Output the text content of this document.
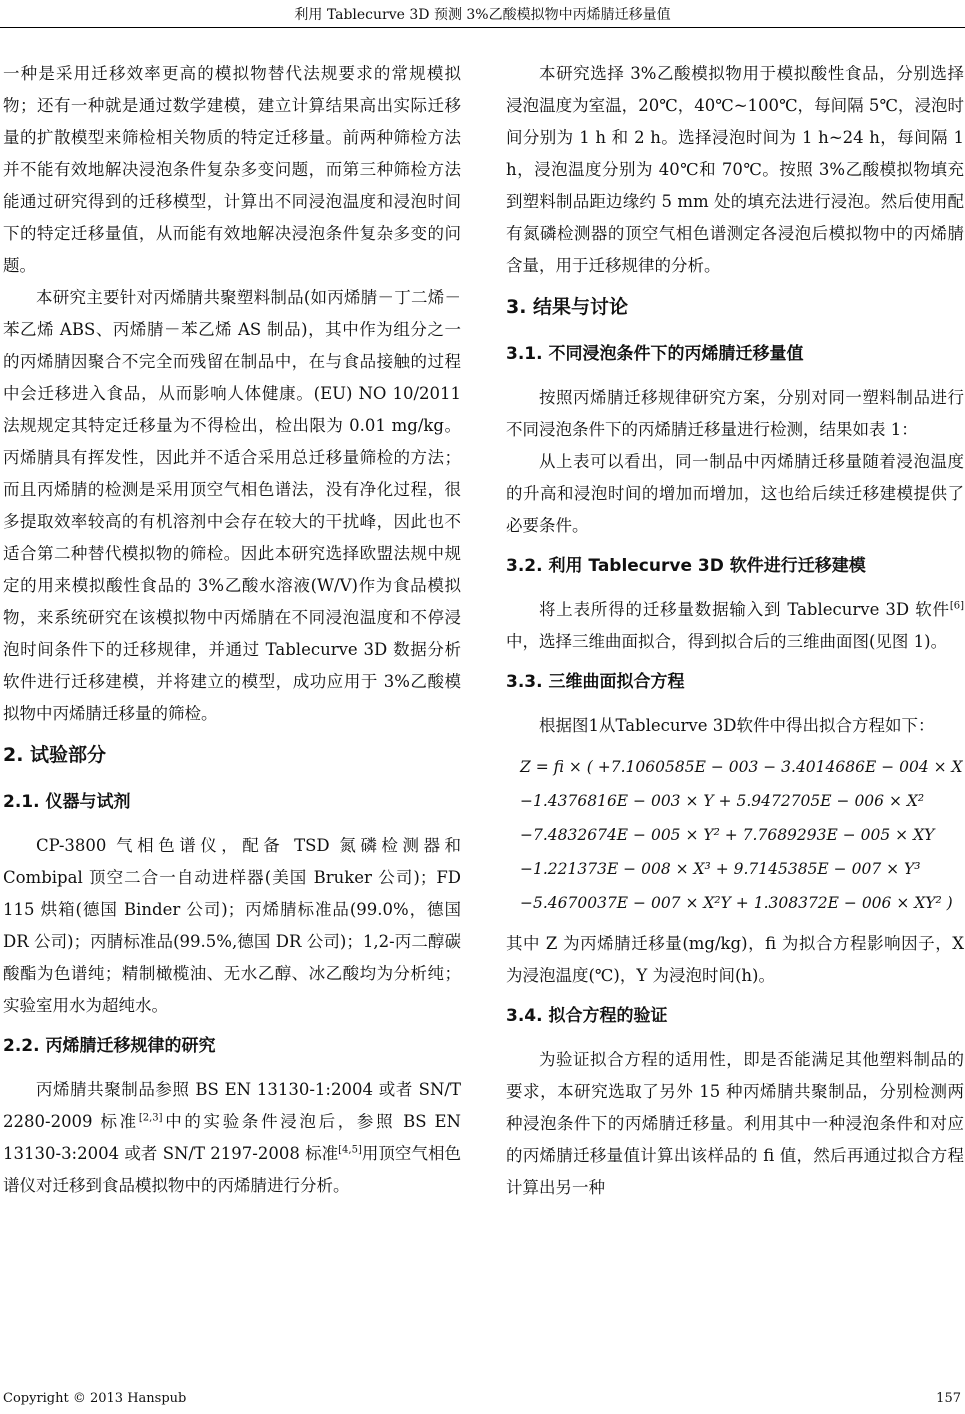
利用 Tablecurve 3D 预测 3%乙酸模拟物中丙烯腈迁移量值

一种是采用迁移效率更高的模拟物替代法规要求的常规模拟物；还有一种就是通过数学建模，建立计算结果高出实际迁移量的扩散模型来筛检相关物质的特定迁移量。前两种筛检方法并不能有效地解决浸泡条件复杂多变问题，而第三种筛检方法能通过研究得到的迁移模型，计算出不同浸泡温度和浸泡时间下的特定迁移量值，从而能有效地解决浸泡条件复杂多变的问题。

本研究主要针对丙烯腈共聚塑料制品(如丙烯腈－丁二烯－苯乙烯 ABS、丙烯腈－苯乙烯 AS 制品)，其中作为组分之一的丙烯腈因聚合不完全而残留在制品中，在与食品接触的过程中会迁移进入食品，从而影响人体健康。(EU) NO 10/2011 法规规定其特定迁移量为不得检出，检出限为 0.01 mg/kg。丙烯腈具有挥发性，因此并不适合采用总迁移量筛检的方法；而且丙烯腈的检测是采用顶空气相色谱法，没有净化过程，很多提取效率较高的有机溶剂中会存在较大的干扰峰，因此也不适合第二种替代模拟物的筛检。因此本研究选择欧盟法规中规定的用来模拟酸性食品的 3%乙酸水溶液(W/V)作为食品模拟物，来系统研究在该模拟物中丙烯腈在不同浸泡温度和不停浸泡时间条件下的迁移规律，并通过 Tablecurve 3D 数据分析软件进行迁移建模，并将建立的模型，成功应用于 3%乙酸模拟物中丙烯腈迁移量的筛检。

2. 试验部分
2.1. 仪器与试剂

CP-3800 气相色谱仪，配备 TSD 氮磷检测器和 Combipal 顶空二合一自动进样器(美国 Bruker 公司)；FD 115 烘箱(德国 Binder 公司)；丙烯腈标准品(99.0%，德国 DR 公司)；丙腈标准品(99.5%,德国 DR 公司)；1,2-丙二醇碳酸酯为色谱纯；精制橄榄油、无水乙醇、冰乙酸均为分析纯；实验室用水为超纯水。

2.2. 丙烯腈迁移规律的研究

丙烯腈共聚制品参照 BS EN 13130-1:2004 或者 SN/T 2280-2009 标准[2,3]中的实验条件浸泡后，参照 BS EN 13130-3:2004 或者 SN/T 2197-2008 标准[4,5]用顶空气相色谱仪对迁移到食品模拟物中的丙烯腈进行分析。

本研究选择 3%乙酸模拟物用于模拟酸性食品，分别选择浸泡温度为室温，20℃，40℃~100℃，每间隔 5℃，浸泡时间分别为 1 h 和 2 h。选择浸泡时间为 1 h~24 h，每间隔 1 h，浸泡温度分别为 40℃和 70℃。按照 3%乙酸模拟物填充到塑料制品距边缘约 5 mm 处的填充法进行浸泡。然后使用配有氮磷检测器的顶空气相色谱测定各浸泡后模拟物中的丙烯腈含量，用于迁移规律的分析。

3. 结果与讨论
3.1. 不同浸泡条件下的丙烯腈迁移量值

按照丙烯腈迁移规律研究方案，分别对同一塑料制品进行不同浸泡条件下的丙烯腈迁移量进行检测，结果如表 1：

从上表可以看出，同一制品中丙烯腈迁移量随着浸泡温度的升高和浸泡时间的增加而增加，这也给后续迁移建模提供了必要条件。

3.2. 利用 Tablecurve 3D 软件进行迁移建模

将上表所得的迁移量数据输入到 Tablecurve 3D 软件[6]中，选择三维曲面拟合，得到拟合后的三维曲面图(见图 1)。

3.3. 三维曲面拟合方程

根据图1从Tablecurve 3D软件中得出拟合方程如下：

Z = fi × ( +7.1060585E − 003 − 3.4014686E − 004 × X
−1.4376816E − 003 × Y + 5.9472705E − 006 × X²
−7.4832674E − 005 × Y² + 7.7689293E − 005 × XY
−1.221373E − 008 × X³ + 9.7145385E − 007 × Y³
−5.4670037E − 007 × X²Y + 1.308372E − 006 × XY² )

其中 Z 为丙烯腈迁移量(mg/kg)，fi 为拟合方程影响因子，X 为浸泡温度(℃)，Y 为浸泡时间(h)。

3.4. 拟合方程的验证

为验证拟合方程的适用性，即是否能满足其他塑料制品的要求，本研究选取了另外 15 种丙烯腈共聚制品，分别检测两种浸泡条件下的丙烯腈迁移量。利用其中一种浸泡条件和对应的丙烯腈迁移量值计算出该样品的 fi 值，然后再通过拟合方程计算出另一种

Copyright © 2013 Hanspub	157
